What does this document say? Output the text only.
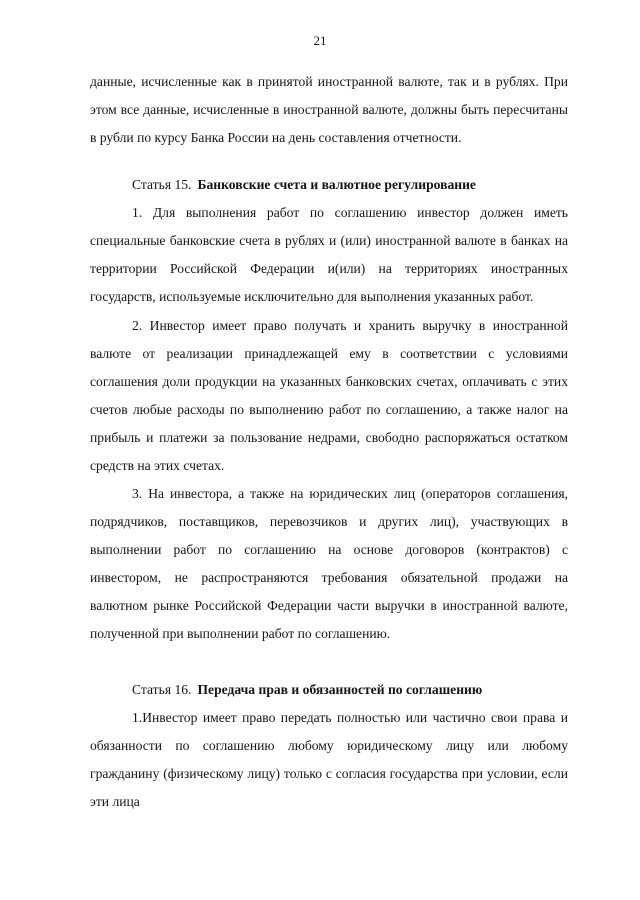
21

данные, исчисленные как в принятой иностранной валюте, так и в рублях. При этом все данные, исчисленные в иностранной валюте, должны быть пересчитаны в рубли по курсу Банка России на день составления отчетности.

Статья 15. Банковские счета и валютное регулирование

1. Для выполнения работ по соглашению инвестор должен иметь специальные банковские счета в рублях и (или) иностранной валюте в банках на территории Российской Федерации и(или) на территориях иностранных государств, используемые исключительно для выполнения указанных работ.

2. Инвестор имеет право получать и хранить выручку в иностранной валюте от реализации принадлежащей ему в соответствии с условиями соглашения доли продукции на указанных банковских счетах, оплачивать с этих счетов любые расходы по выполнению работ по соглашению, а также налог на прибыль и платежи за пользование недрами, свободно распоряжаться остатком средств на этих счетах.

3. На инвестора, а также на юридических лиц (операторов соглашения, подрядчиков, поставщиков, перевозчиков и других лиц), участвующих в выполнении работ по соглашению на основе договоров (контрактов) с инвестором, не распространяются требования обязательной продажи на валютном рынке Российской Федерации части выручки в иностранной валюте, полученной при выполнении работ по соглашению.

Статья 16. Передача прав и обязанностей по соглашению

1.Инвестор имеет право передать полностью или частично свои права и обязанности по соглашению любому юридическому лицу или любому гражданину (физическому лицу) только с согласия государства при условии, если эти лица
